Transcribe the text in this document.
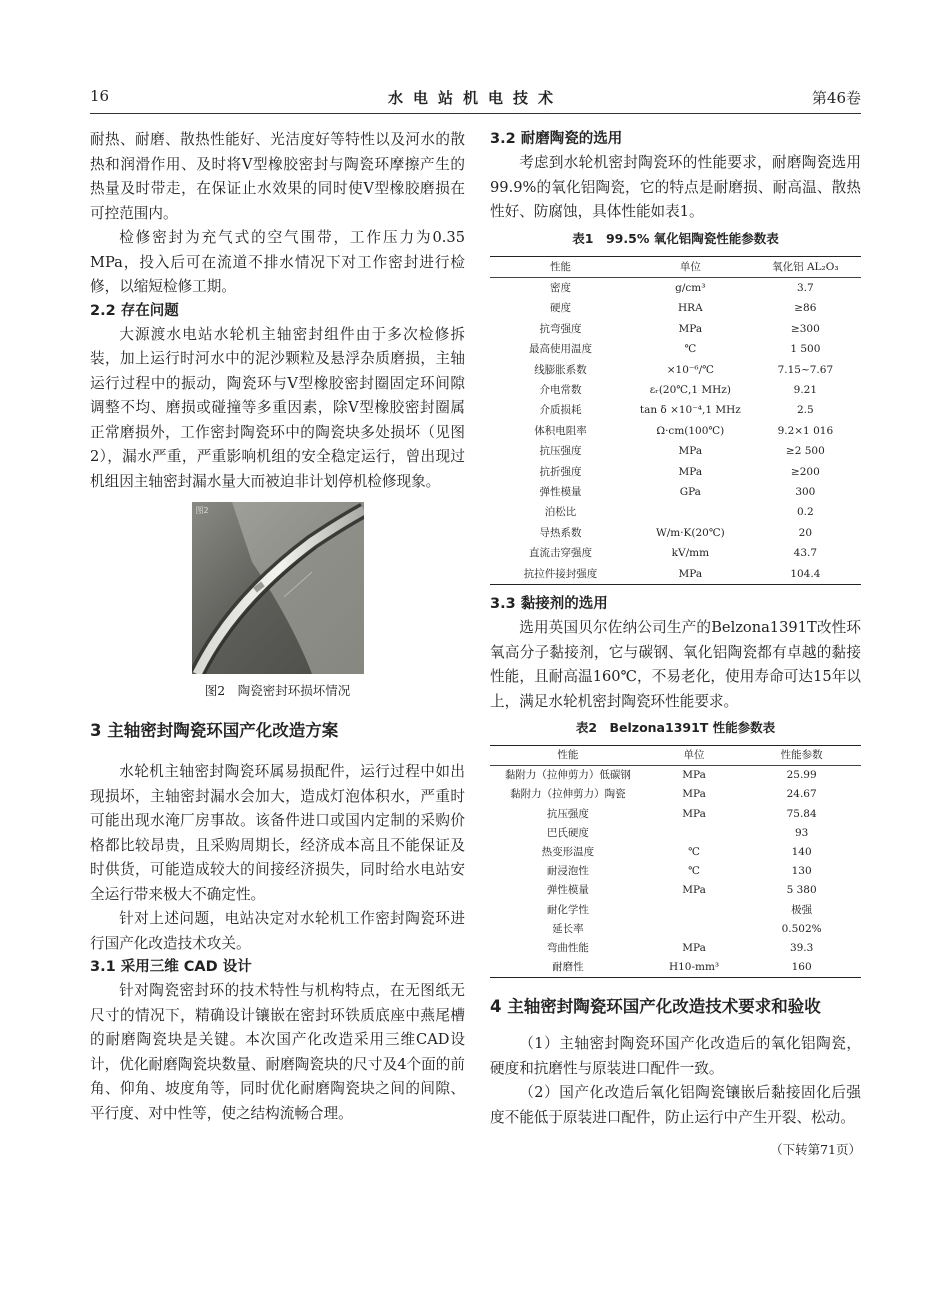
16	水电站机电技术	第46卷

耐热、耐磨、散热性能好、光洁度好等特性以及河水的散热和润滑作用、及时将V型橡胶密封与陶瓷环摩擦产生的热量及时带走，在保证止水效果的同时使V型橡胶磨损在可控范围内。

检修密封为充气式的空气围带，工作压力为0.35 MPa，投入后可在流道不排水情况下对工作密封进行检修，以缩短检修工期。

2.2 存在问题

大源渡水电站水轮机主轴密封组件由于多次检修拆装，加上运行时河水中的泥沙颗粒及悬浮杂质磨损，主轴运行过程中的振动，陶瓷环与V型橡胶密封圈固定环间隙调整不均、磨损或碰撞等多重因素，除V型橡胶密封圈属正常磨损外，工作密封陶瓷环中的陶瓷块多处损坏（见图2），漏水严重，严重影响机组的安全稳定运行，曾出现过机组因主轴密封漏水量大而被迫非计划停机检修现象。

图2
图2　陶瓷密封环损坏情况
3 主轴密封陶瓷环国产化改造方案

水轮机主轴密封陶瓷环属易损配件，运行过程中如出现损坏，主轴密封漏水会加大，造成灯泡体积水，严重时可能出现水淹厂房事故。该备件进口或国内定制的采购价格都比较昂贵，且采购周期长，经济成本高且不能保证及时供货，可能造成较大的间接经济损失，同时给水电站安全运行带来极大不确定性。

针对上述问题，电站决定对水轮机工作密封陶瓷环进行国产化改造技术攻关。

3.1 采用三维 CAD 设计

针对陶瓷密封环的技术特性与机构特点，在无图纸无尺寸的情况下，精确设计镶嵌在密封环铁质底座中燕尾槽的耐磨陶瓷块是关键。本次国产化改造采用三维CAD设计，优化耐磨陶瓷块数量、耐磨陶瓷块的尺寸及4个面的前角、仰角、坡度角等，同时优化耐磨陶瓷块之间的间隙、平行度、对中性等，使之结构流畅合理。

3.2 耐磨陶瓷的选用

考虑到水轮机密封陶瓷环的性能要求，耐磨陶瓷选用99.9%的氧化铝陶瓷，它的特点是耐磨损、耐高温、散热性好、防腐蚀，具体性能如表1。

表1　99.5% 氧化铝陶瓷性能参数表
性能	单位	氧化铝 AL₂O₃
密度	g/cm³	3.7
硬度	HRA	≥86
抗弯强度	MPa	≥300
最高使用温度	℃	1 500
线膨胀系数	×10⁻⁶/℃	7.15~7.67
介电常数	εᵣ(20℃,1 MHz)	9.21
介质损耗	tan δ ×10⁻⁴,1 MHz	2.5
体积电阻率	Ω·cm(100℃)	9.2×1 016
抗压强度	MPa	≥2 500
抗折强度	MPa	≥200
弹性模量	GPa	300
泊松比		0.2
导热系数	W/m·K(20℃)	20
直流击穿强度	kV/mm	43.7
抗拉件接封强度	MPa	104.4
3.3 黏接剂的选用

选用英国贝尔佐纳公司生产的Belzona1391T改性环氧高分子黏接剂，它与碳钢、氧化铝陶瓷都有卓越的黏接性能，且耐高温160℃，不易老化，使用寿命可达15年以上，满足水轮机密封陶瓷环性能要求。

表2　Belzona1391T 性能参数表
性能	单位	性能参数
黏附力（拉伸剪力）低碳钢	MPa	25.99
黏附力（拉伸剪力）陶瓷	MPa	24.67
抗压强度	MPa	75.84
巴氏硬度		93
热变形温度	℃	140
耐浸泡性	℃	130
弹性模量	MPa	5 380
耐化学性		极强
延长率		0.502%
弯曲性能	MPa	39.3
耐磨性	H10-mm³	160
4 主轴密封陶瓷环国产化改造技术要求和验收

（1）主轴密封陶瓷环国产化改造后的氧化铝陶瓷，硬度和抗磨性与原装进口配件一致。

（2）国产化改造后氧化铝陶瓷镶嵌后黏接固化后强度不能低于原装进口配件，防止运行中产生开裂、松动。

（下转第71页）
